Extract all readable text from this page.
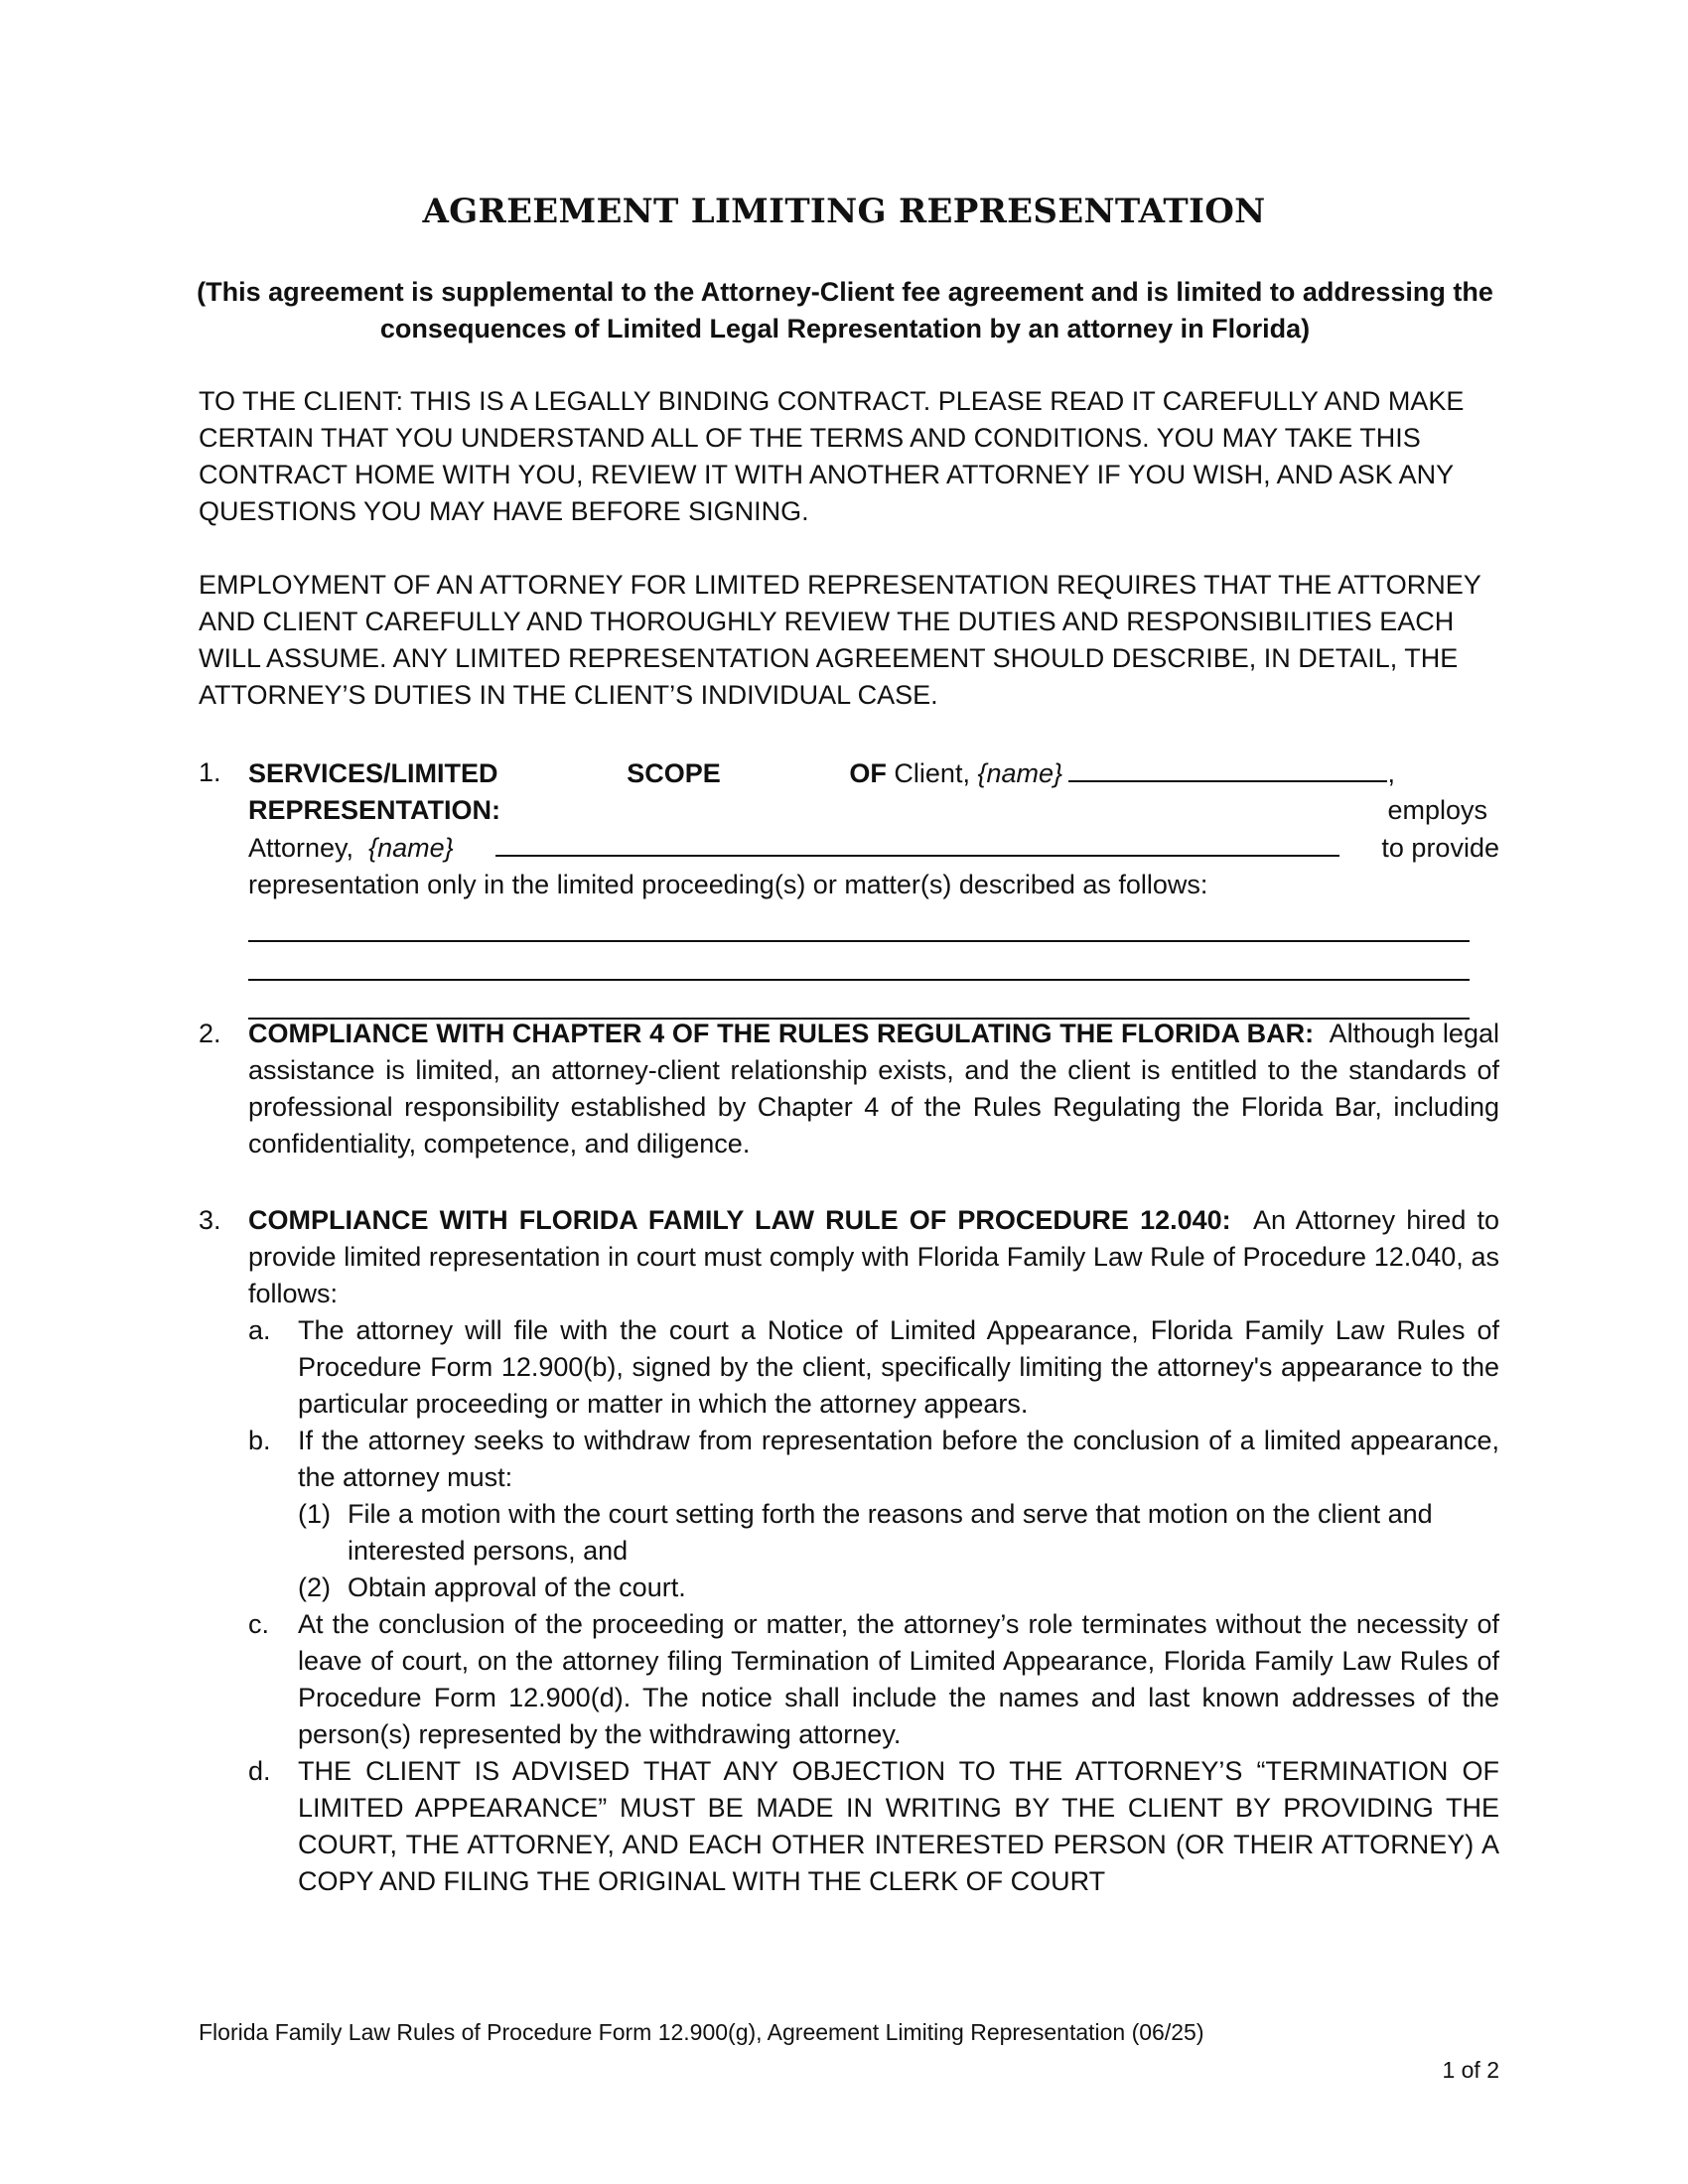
AGREEMENT LIMITING REPRESENTATION
(This agreement is supplemental to the Attorney-Client fee agreement and is limited to addressing the consequences of Limited Legal Representation by an attorney in Florida)
TO THE CLIENT: THIS IS A LEGALLY BINDING CONTRACT. PLEASE READ IT CAREFULLY AND MAKE CERTAIN THAT YOU UNDERSTAND ALL OF THE TERMS AND CONDITIONS. YOU MAY TAKE THIS CONTRACT HOME WITH YOU, REVIEW IT WITH ANOTHER ATTORNEY IF YOU WISH, AND ASK ANY QUESTIONS YOU MAY HAVE BEFORE SIGNING.
EMPLOYMENT OF AN ATTORNEY FOR LIMITED REPRESENTATION REQUIRES THAT THE ATTORNEY AND CLIENT CAREFULLY AND THOROUGHLY REVIEW THE DUTIES AND RESPONSIBILITIES EACH WILL ASSUME. ANY LIMITED REPRESENTATION AGREEMENT SHOULD DESCRIBE, IN DETAIL, THE ATTORNEY’S DUTIES IN THE CLIENT’S INDIVIDUAL CASE.
1. SERVICES/LIMITED SCOPE OF REPRESENTATION:

Client,
{name}	, employs
Attorney, {name}	to provide
representation only in the limited proceeding(s) or matter(s) described as follows:
2. COMPLIANCE WITH CHAPTER 4 OF THE RULES REGULATING THE FLORIDA BAR: Although legal assistance is limited, an attorney-client relationship exists, and the client is entitled to the standards of professional responsibility established by Chapter 4 of the Rules Regulating the Florida Bar, including confidentiality, competence, and diligence.
3. COMPLIANCE WITH FLORIDA FAMILY LAW RULE OF PROCEDURE 12.040: An Attorney hired to provide limited representation in court must comply with Florida Family Law Rule of Procedure 12.040, as follows:
a. The attorney will file with the court a Notice of Limited Appearance, Florida Family Law Rules of Procedure Form 12.900(b), signed by the client, specifically limiting the attorney's appearance to the particular proceeding or matter in which the attorney appears.
b. If the attorney seeks to withdraw from representation before the conclusion of a limited appearance, the attorney must:
(1) File a motion with the court setting forth the reasons and serve that motion on the client and interested persons, and
(2) Obtain approval of the court.
c. At the conclusion of the proceeding or matter, the attorney’s role terminates without the necessity of leave of court, on the attorney filing Termination of Limited Appearance, Florida Family Law Rules of Procedure Form 12.900(d). The notice shall include the names and last known addresses of the person(s) represented by the withdrawing attorney.
d. THE CLIENT IS ADVISED THAT ANY OBJECTION TO THE ATTORNEY’S “TERMINATION OF LIMITED APPEARANCE” MUST BE MADE IN WRITING BY THE CLIENT BY PROVIDING THE COURT, THE ATTORNEY, AND EACH OTHER INTERESTED PERSON (OR THEIR ATTORNEY) A COPY AND FILING THE ORIGINAL WITH THE CLERK OF COURT
Florida Family Law Rules of Procedure Form 12.900(g), Agreement Limiting Representation (06/25)
1 of 2
